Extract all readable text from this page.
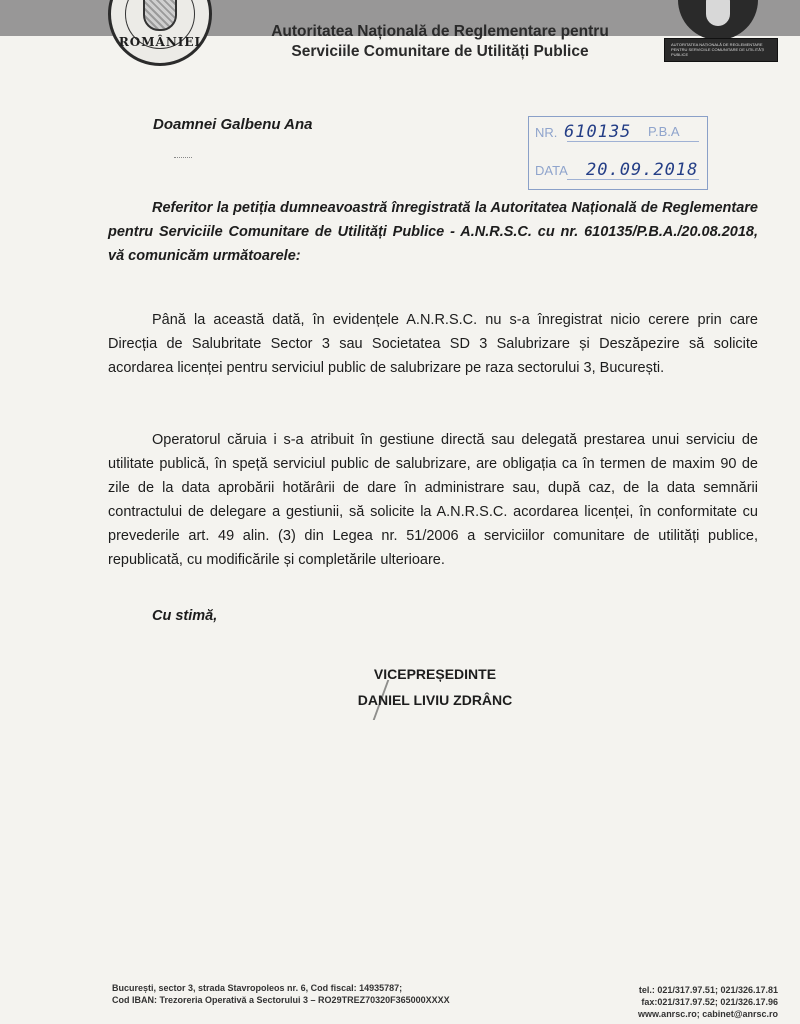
ROMÂNIEI	AUTORITATEA NAȚIONALĂ DE REGLEMENTARE PENTRU SERVICIILE COMUNITARE DE UTILITĂȚI PUBLICE
Autoritatea Națională de Reglementare pentru
Serviciile Comunitare de Utilități Publice
Doamnei Galbenu Ana	NR.
DATA
610135 P.B.A
20.09.2018
Referitor la petiția dumneavoastră înregistrată la Autoritatea Națională de Reglementare pentru Serviciile Comunitare de Utilități Publice - A.N.R.S.C. cu nr. 610135/P.B.A./20.08.2018, vă comunicăm următoarele:
Până la această dată, în evidențele A.N.R.S.C. nu s-a înregistrat nicio cerere prin care Direcția de Salubritate Sector 3 sau Societatea SD 3 Salubrizare și Deszăpezire să solicite acordarea licenței pentru serviciul public de salubrizare pe raza sectorului 3, București.
Operatorul căruia i s-a atribuit în gestiune directă sau delegată prestarea unui serviciu de utilitate publică, în speță serviciul public de salubrizare, are obligația ca în termen de maxim 90 de zile de la data aprobării hotărârii de dare în administrare sau, după caz, de la data semnării contractului de delegare a gestiunii, să solicite la A.N.R.S.C. acordarea licenței, în conformitate cu prevederile art. 49 alin. (3) din Legea nr. 51/2006 a serviciilor comunitare de utilități publice, republicată, cu modificările și completările ulterioare.
Cu stimă,
VICEPREȘEDINTE
DANIEL LIVIU ZDRÂNC
București, sector 3, strada Stavropoleos nr. 6, Cod fiscal: 14935787;
Cod IBAN: Trezoreria Operativă a Sectorului 3 – RO29TREZ70320F365000XXXX
tel.: 021/317.97.51; 021/326.17.81
fax:021/317.97.52; 021/326.17.96
www.anrsc.ro; cabinet@anrsc.ro
